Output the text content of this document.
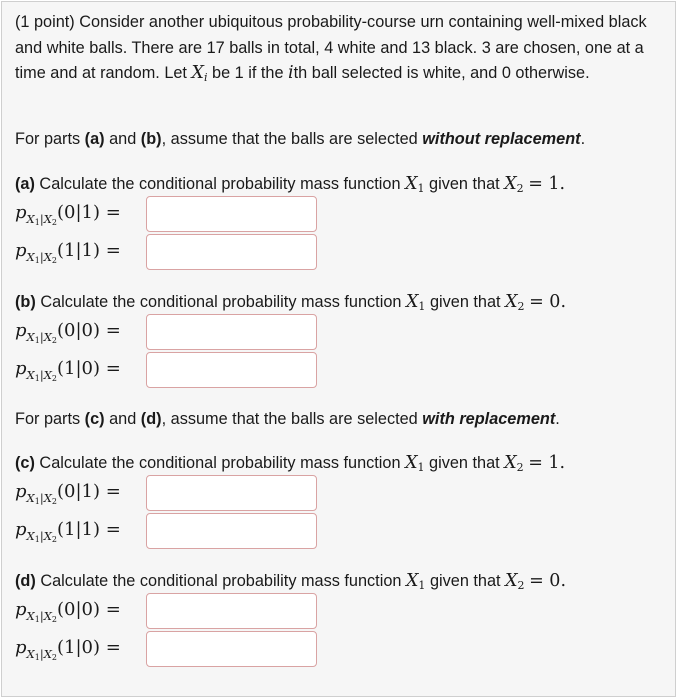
(1 point) Consider another ubiquitous probability-course urn containing well-mixed black and white balls. There are 17 balls in total, 4 white and 13 black. 3 are chosen, one at a time and at random. Let $X_i$ be 1 if the ith ball selected is white, and 0 otherwise.

For parts (a) and (b), assume that the balls are selected without replacement.

(a) Calculate the conditional probability mass function $X_1$ given that $X_2 = 1$.
$p_{X1|X2}(0|1)$ =
$p_{X1|X2}(1|1)$ =
(b) Calculate the conditional probability mass function $X_1$ given that $X_2 = 0$.
$p_{X1|X2}(0|0)$ =
$p_{X1|X2}(1|0)$ =

For parts (c) and (d), assume that the balls are selected with replacement.

(c) Calculate the conditional probability mass function $X_1$ given that $X_2 = 1$.
$p_{X1|X2}(0|1)$ =
$p_{X1|X2}(1|1)$ =
(d) Calculate the conditional probability mass function $X_1$ given that $X_2 = 0$.
$p_{X1|X2}(0|0)$ =
$p_{X1|X2}(1|0)$ =
